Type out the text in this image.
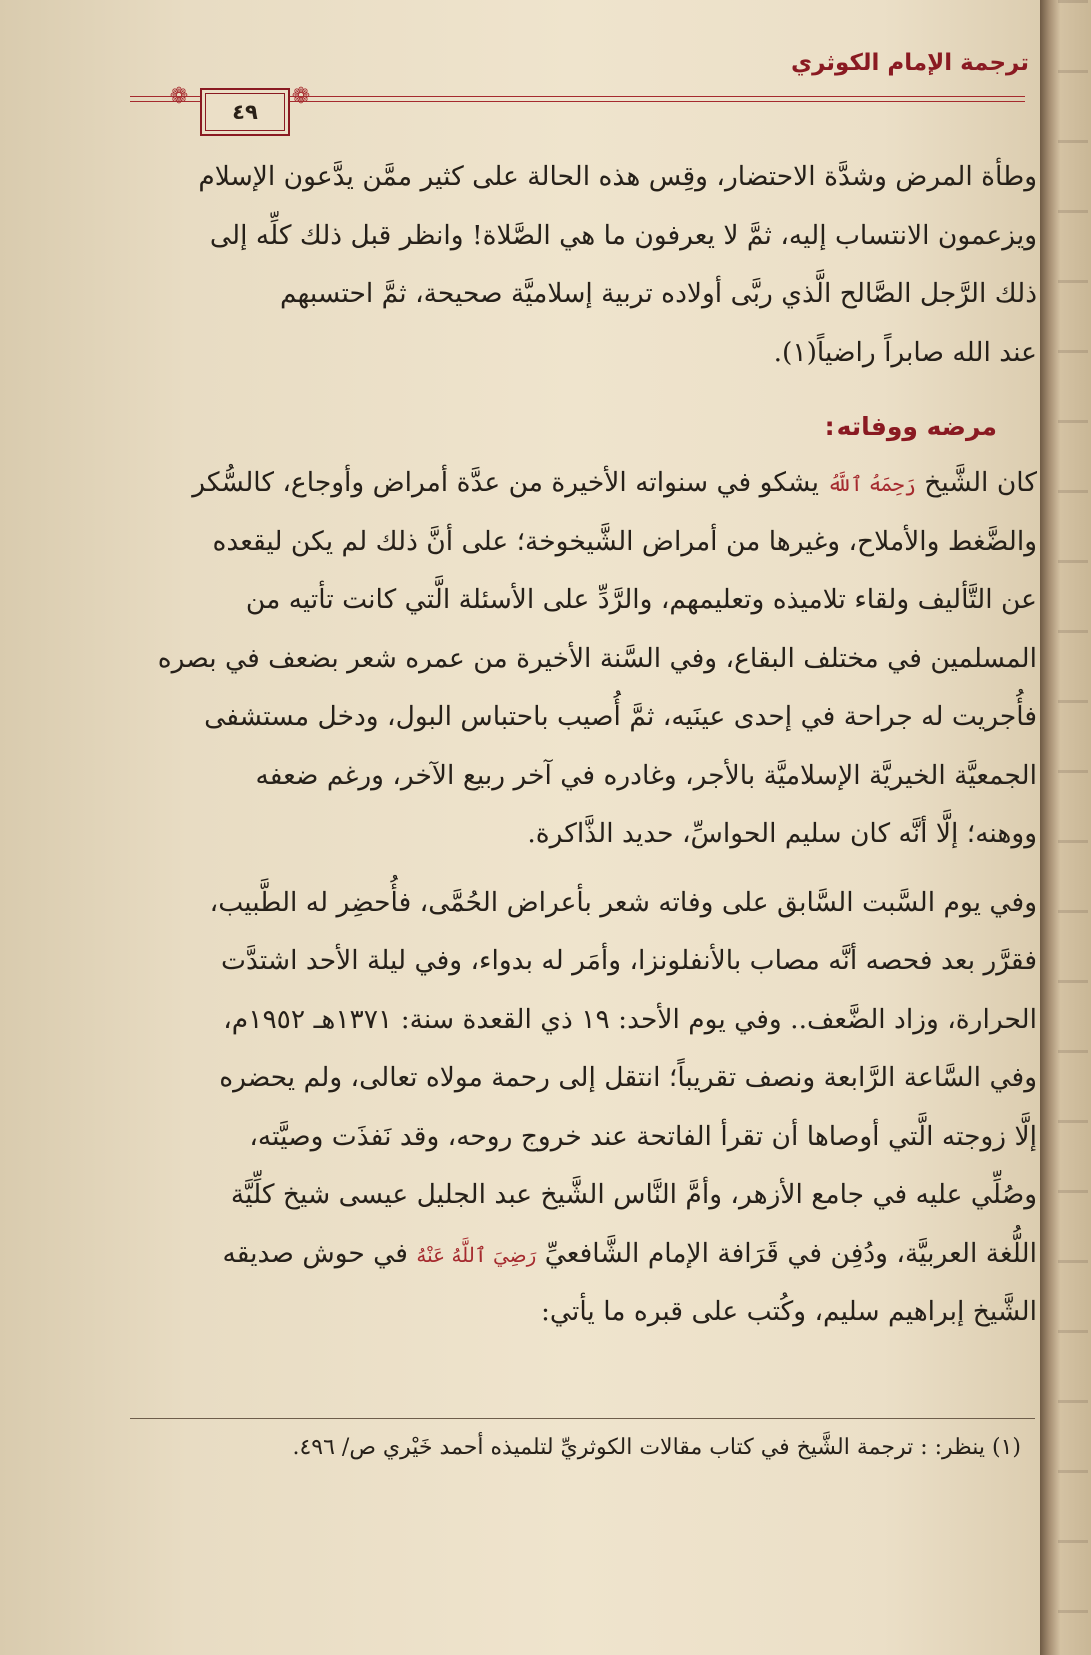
ترجمة الإمام الكوثري
❁	❁
٤٩
وطأة المرض وشدَّة الاحتضار، وقِس هذه الحالة على كثير ممَّن يدَّعون الإسلام
ويزعمون الانتساب إليه، ثمَّ لا يعرفون ما هي الصَّلاة! وانظر قبل ذلك كلِّه إلى
ذلك الرَّجل الصَّالح الَّذي ربَّى أولاده تربية إسلاميَّة صحيحة، ثمَّ احتسبهم
عند الله صابراً راضياً(١).
كان الشَّيخ رَحِمَهُ ٱللَّهُ يشكو في سنواته الأخيرة من عدَّة أمراض وأوجاع، كالسُّكر
والضَّغط والأملاح، وغيرها من أمراض الشَّيخوخة؛ على أنَّ ذلك لم يكن ليقعده
عن التَّأليف ولقاء تلاميذه وتعليمهم، والرَّدِّ على الأسئلة الَّتي كانت تأتيه من
المسلمين في مختلف البقاع، وفي السَّنة الأخيرة من عمره شعر بضعف في بصره
فأُجريت له جراحة في إحدى عينَيه، ثمَّ أُصيب باحتباس البول، ودخل مستشفى
الجمعيَّة الخيريَّة الإسلاميَّة بالأجر، وغادره في آخر ربيع الآخر، ورغم ضعفه
ووهنه؛ إلَّا أنَّه كان سليم الحواسِّ، حديد الذَّاكرة.
وفي يوم السَّبت السَّابق على وفاته شعر بأعراض الحُمَّى، فأُحضِر له الطَّبيب،
فقرَّر بعد فحصه أنَّه مصاب بالأنفلونزا، وأمَر له بدواء، وفي ليلة الأحد اشتدَّت
الحرارة، وزاد الضَّعف.. وفي يوم الأحد: ١٩ ذي القعدة سنة: ١٣٧١هـ ١٩٥٢م،
وفي السَّاعة الرَّابعة ونصف تقريباً؛ انتقل إلى رحمة مولاه تعالى، ولم يحضره
إلَّا زوجته الَّتي أوصاها أن تقرأ الفاتحة عند خروج روحه، وقد نَفذَت وصيَّته،
وصُلِّي عليه في جامع الأزهر، وأمَّ النَّاس الشَّيخ عبد الجليل عيسى شيخ كلِّيَّة
اللُّغة العربيَّة، ودُفِن في قَرَافة الإمام الشَّافعيِّ رَضِيَ ٱللَّهُ عَنْهُ في حوش صديقه
الشَّيخ إبراهيم سليم، وكُتب على قبره ما يأتي:
مرضه ووفاته :
(١) ينظر: : ترجمة الشَّيخ في كتاب مقالات الكوثريِّ لتلميذه أحمد خَيْري ص/ ٤٩٦.
